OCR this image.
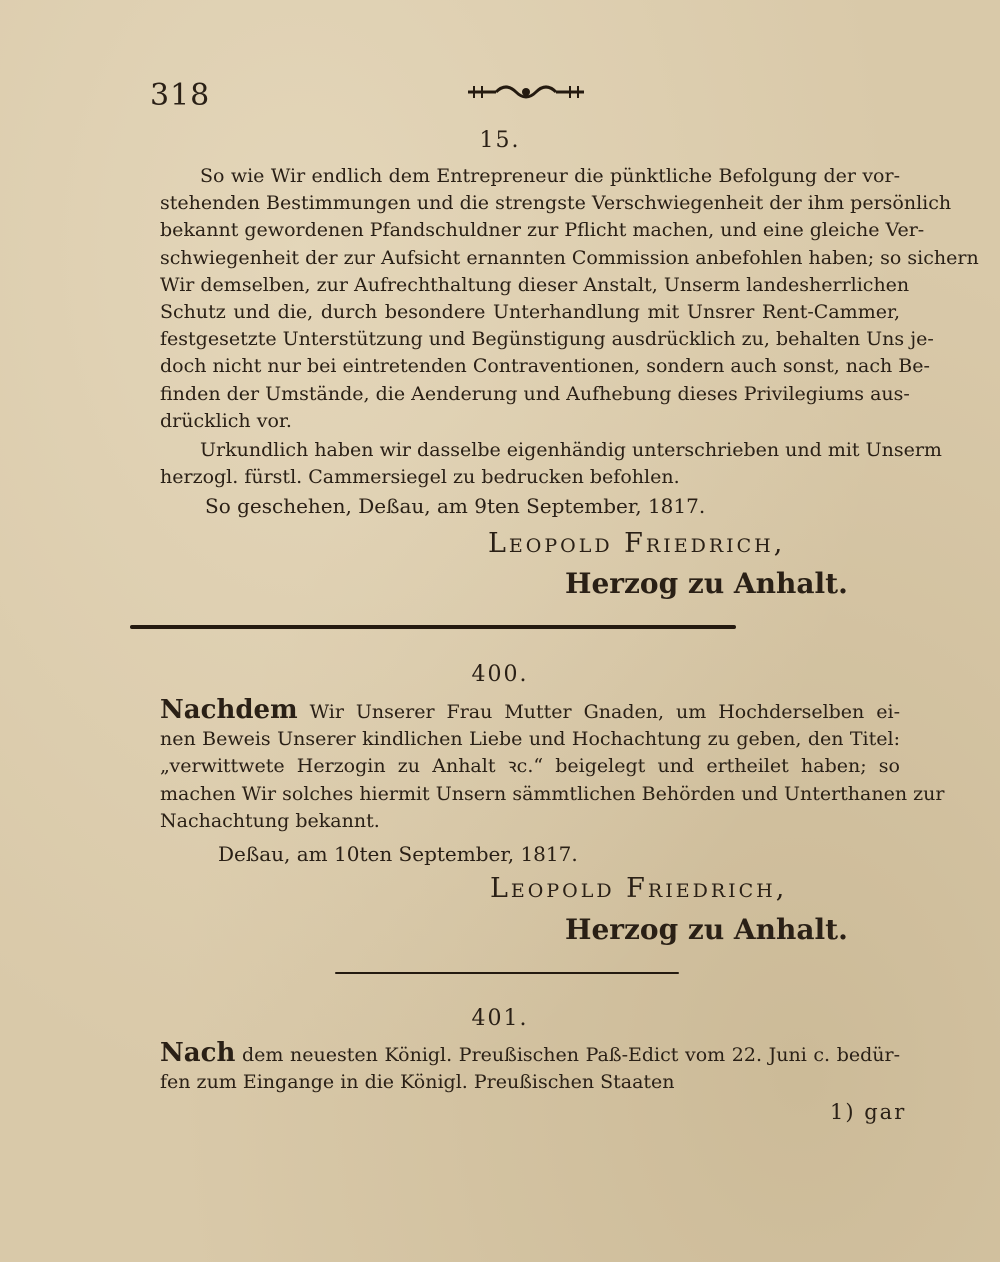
318
15.
So wie Wir endlich dem Entrepreneur die pünktliche Befolgung der vor-
stehenden Bestimmungen und die strengste Verschwiegenheit der ihm persönlich
bekannt gewordenen Pfandschuldner zur Pflicht machen, und eine gleiche Ver-
schwiegenheit der zur Aufsicht ernannten Commission anbefohlen haben; so sichern
Wir demselben, zur Aufrechthaltung dieser Anstalt, Unserm landesherrlichen
Schutz und die, durch besondere Unterhandlung mit Unsrer Rent-Cammer,
festgesetzte Unterstützung und Begünstigung ausdrücklich zu, behalten Uns je-
doch nicht nur bei eintretenden Contraventionen, sondern auch sonst, nach Be-
finden der Umstände, die Aenderung und Aufhebung dieses Privilegiums aus-
drücklich vor.
Urkundlich haben wir dasselbe eigenhändig unterschrieben und mit Unserm
herzogl. fürstl. Cammersiegel zu bedrucken befohlen.
So geschehen, Deßau, am 9ten September, 1817.
Leopold Friedrich,
Herzog zu Anhalt.
400.
Nachdem Wir Unserer Frau Mutter Gnaden, um Hochderselben ei-
nen Beweis Unserer kindlichen Liebe und Hochachtung zu geben, den Titel:
„verwittwete Herzogin zu Anhalt ꝛc.“ beigelegt und ertheilet haben; so
machen Wir solches hiermit Unsern sämmtlichen Behörden und Unterthanen zur
Nachachtung bekannt.
Deßau, am 10ten September, 1817.
Leopold Friedrich,
Herzog zu Anhalt.
401.
Nach dem neuesten Königl. Preußischen Paß-Edict vom 22. Juni c. bedür-
fen zum Eingange in die Königl. Preußischen Staaten
1) gar
